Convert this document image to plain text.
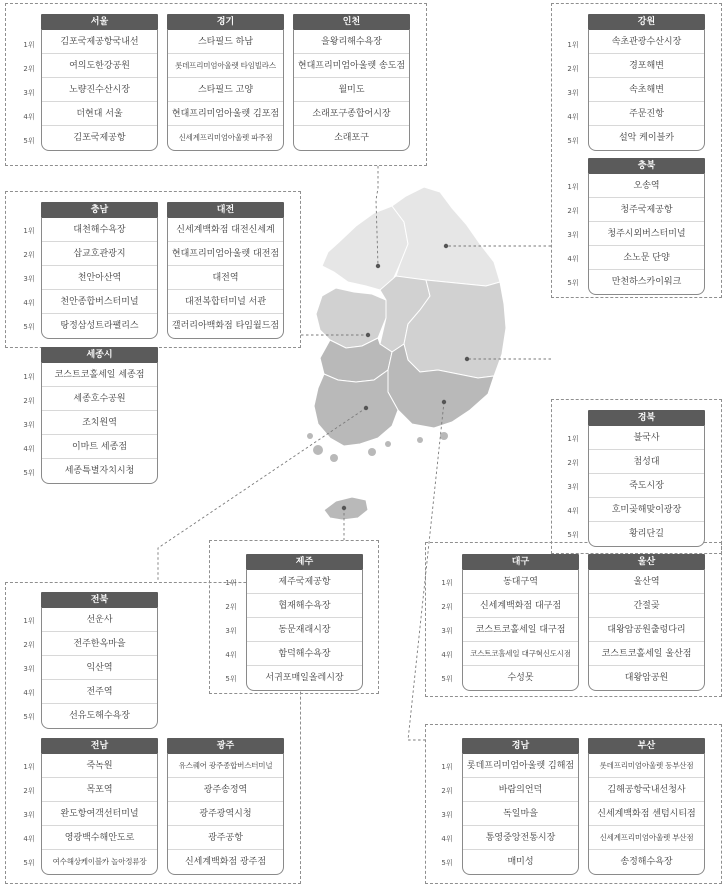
1위
2위
3위
4위
5위
1위
2위
3위
4위
5위
1위
2위
3위
4위
5위
1위
2위
3위
4위
5위
1위
2위
3위
4위
5위
1위
2위
3위
4위
5위
1위
2위
3위
4위
5위
1위
2위
3위
4위
5위
1위
2위
3위
4위
5위
1위
2위
3위
4위
5위
1위
2위
3위
4위
5위
서울
김포국제공항국내선
여의도한강공원
노량진수산시장
더현대 서울
김포국제공항
경기
스타필드 하남
롯데프리미엄아울렛 타임빌라스
스타필드 고양
현대프리미엄아울렛 김포점
신세계프리미엄아울렛 파주점
인천
을왕리해수욕장
현대프리미엄아울렛 송도점
월미도
소래포구종합어시장
소래포구
강원
속초관광수산시장
경포해변
속초해변
주문진항
설악 케이블카
충북
오송역
청주국제공항
청주시외버스터미널
소노문 단양
만천하스카이워크
충남
대천해수욕장
삽교호관광지
천안아산역
천안종합버스터미널
탕정삼성트라팰리스
대전
신세계백화점 대전신세계
현대프리미엄아울렛 대전점
대전역
대전복합터미널 서관
갤러리아백화점 타임월드점
세종시
코스트코홀세일 세종점
세종호수공원
조치원역
이마트 세종점
세종특별자치시청
경북
불국사
첨성대
죽도시장
호미곶해맞이광장
황리단길
제주
제주국제공항
협재해수욕장
동문재래시장
함덕해수욕장
서귀포매일올레시장
대구
동대구역
신세계백화점 대구점
코스트코홀세일 대구점
코스트코홀세일 대구혁신도시점
수성못
울산
울산역
간절곶
대왕암공원출렁다리
코스트코홀세일 울산점
대왕암공원
전북
선운사
전주한옥마을
익산역
전주역
선유도해수욕장
전남
죽녹원
목포역
완도항여객선터미널
영광백수해안도로
여수해상케이블카 놀아정류장
광주
유스퀘어 광주종합버스터미널
광주송정역
광주광역시청
광주공항
신세계백화점 광주점
경남
롯데프리미엄아울렛 김해점
바람의언덕
독일마을
통영중앙전통시장
매미성
부산
롯데프리미엄아울렛 동부산점
김해공항국내선청사
신세계백화점 센텀시티점
신세계프리미엄아울렛 부산점
송정해수욕장
